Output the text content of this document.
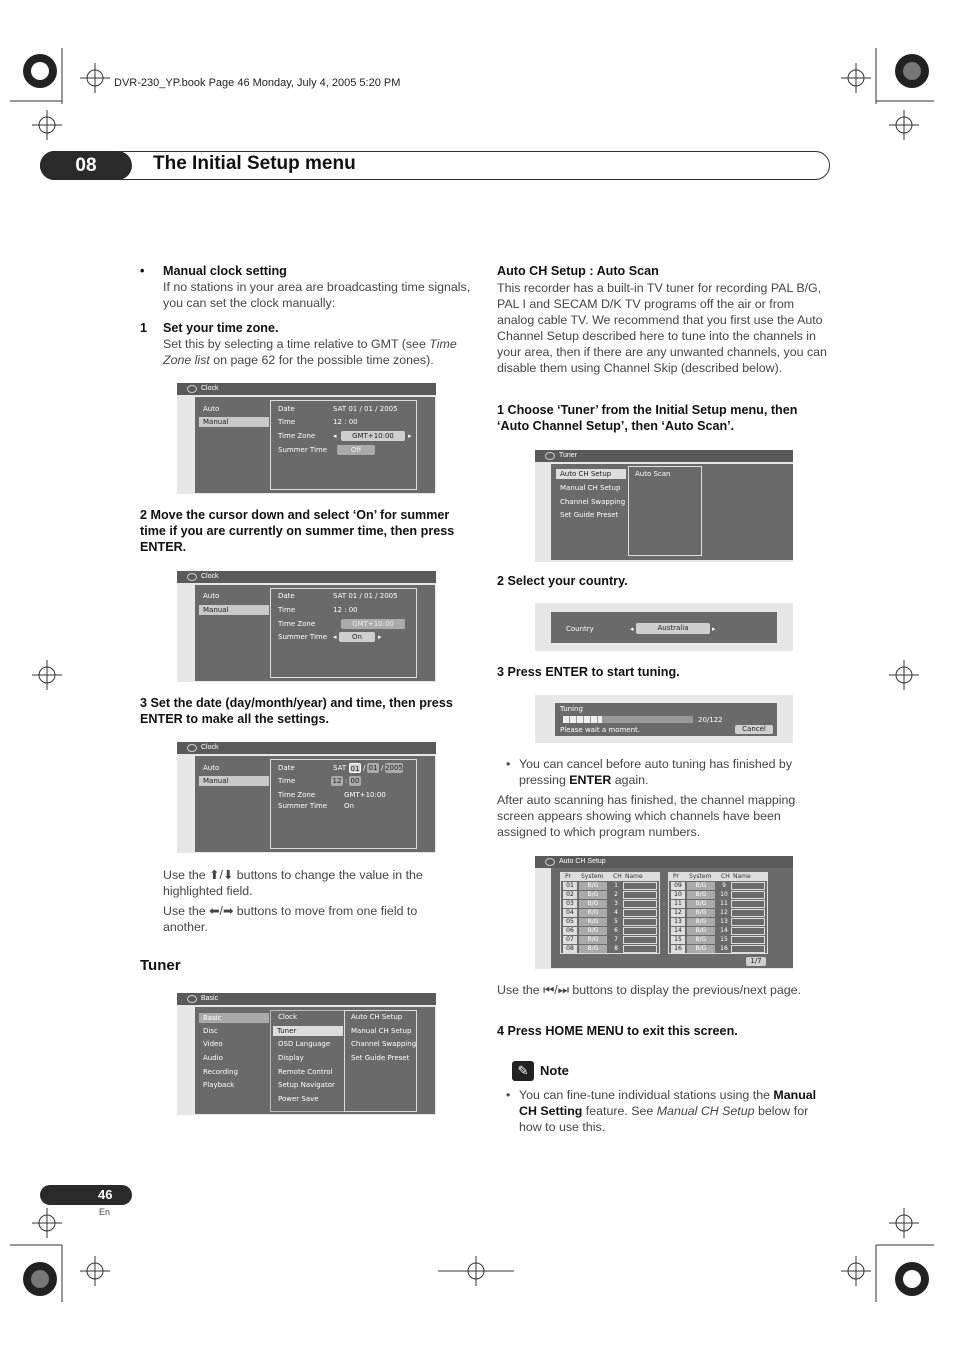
DVR-230_YP.book Page 46 Monday, July 4, 2005 5:20 PM
08	The Initial Setup menu
• Manual clock setting
If no stations in your area are broadcasting time signals, you can set the clock manually:
1 Set your time zone.
Set this by selecting a time relative to GMT (see Time Zone list on page 62 for the possible time zones).
Clock
Auto
Manual
Date	SAT 01 / 01 / 2005
Time	12 : 00
Time Zone	◂	GMT+10:00	▸
Summer Time	Off
2 Move the cursor down and select ‘On’ for summer time if you are currently on summer time, then press ENTER.
Clock
Auto
Manual
Date	SAT 01 / 01 / 2005
Time	12 : 00
Time Zone	GMT+10:00
Summer Time ◂	On	▸
3 Set the date (day/month/year) and time, then press ENTER to make all the settings.
Clock
Auto
Manual
Date	SAT 01 / 01 / 2005
Time	12 : 00
Time Zone	GMT+10:00
Summer Time On
Use the ⬆/⬇ buttons to change the value in the highlighted field.
Use the ⬅/➡ buttons to move from one field to another.
Tuner
Basic
Basic
Disc
Video
Audio
Recording
Playback
Clock
Tuner
OSD Language
Display
Remote Control
Setup Navigator
Power Save
Auto CH Setup
Manual CH Setup
Channel Swapping
Set Guide Preset
Auto CH Setup : Auto Scan
This recorder has a built-in TV tuner for recording PAL B/G, PAL I and SECAM D/K TV programs off the air or from analog cable TV. We recommend that you first use the Auto Channel Setup described here to tune into the channels in your area, then if there are any unwanted channels, you can disable them using Channel Skip (described below).
1 Choose ‘Tuner’ from the Initial Setup menu, then ‘Auto Channel Setup’, then ‘Auto Scan’.
Tuner
Auto CH Setup
Manual CH Setup
Channel Swapping
Set Guide Preset
Auto Scan
2 Select your country.
Country	◂	Australia	▸
3 Press ENTER to start tuning.
Tuning
20/122
Please wait a moment.	Cancel
• You can cancel before auto tuning has finished by pressing ENTER again.
After auto scanning has finished, the channel mapping screen appears showing which channels have been assigned to which program numbers.
Auto CH Setup
Pr System CH Name
01	B/G	1
02	B/G	2
03	B/G	3
04	B/G	4
05	B/G	5
06	B/G	6
07	B/G	7
08	B/G	8
Pr System CH Name
09	B/G	9
10	B/G	10
11	B/G	11
12	B/G	12
13	B/G	13
14	B/G	14
15	B/G	15
16	B/G	16
1/7
Use the ⏮/⏭ buttons to display the previous/next page.
4 Press HOME MENU to exit this screen.
✎ Note
• You can fine-tune individual stations using the Manual CH Setting feature. See Manual CH Setup below for how to use this.
46
En
